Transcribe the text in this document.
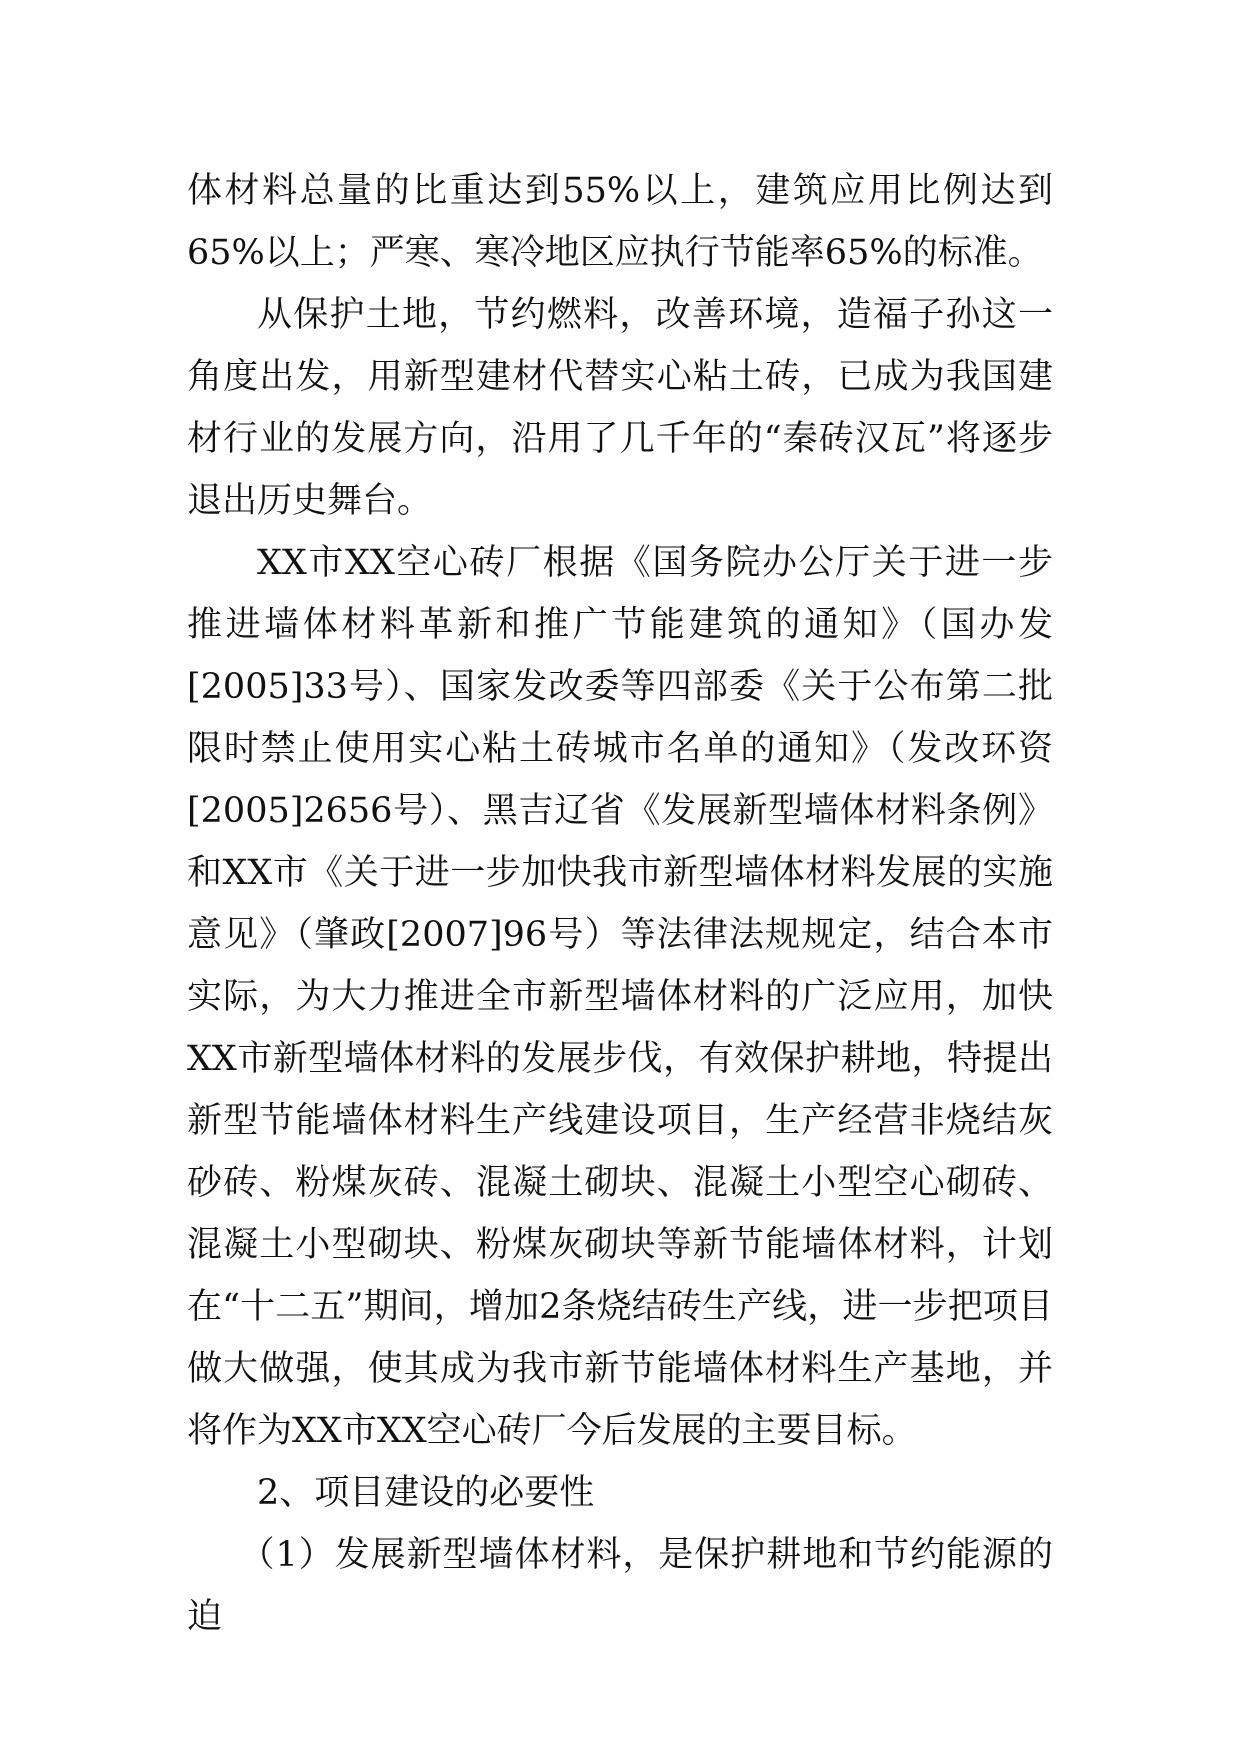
体材料总量的比重达到55%以上，建筑应用比例达到65%以上；严寒、寒冷地区应执行节能率65%的标准。

从保护土地，节约燃料，改善环境，造福子孙这一角度出发，用新型建材代替实心粘土砖，已成为我国建材行业的发展方向，沿用了几千年的“秦砖汉瓦”将逐步退出历史舞台。

XX市XX空心砖厂根据《国务院办公厅关于进一步推进墙体材料革新和推广节能建筑的通知》（国办发[2005]33号）、国家发改委等四部委《关于公布第二批限时禁止使用实心粘土砖城市名单的通知》（发改环资[2005]2656号）、黑吉辽省《发展新型墙体材料条例》和XX市《关于进一步加快我市新型墙体材料发展的实施意见》（肇政[2007]96号）等法律法规规定，结合本市实际，为大力推进全市新型墙体材料的广泛应用，加快XX市新型墙体材料的发展步伐，有效保护耕地，特提出新型节能墙体材料生产线建设项目，生产经营非烧结灰砂砖、粉煤灰砖、混凝土砌块、混凝土小型空心砌砖、混凝土小型砌块、粉煤灰砌块等新节能墙体材料，计划在“十二五”期间，增加2条烧结砖生产线，进一步把项目做大做强，使其成为我市新节能墙体材料生产基地，并将作为XX市XX空心砖厂今后发展的主要目标。

2、项目建设的必要性

（1）发展新型墙体材料，是保护耕地和节约能源的迫
